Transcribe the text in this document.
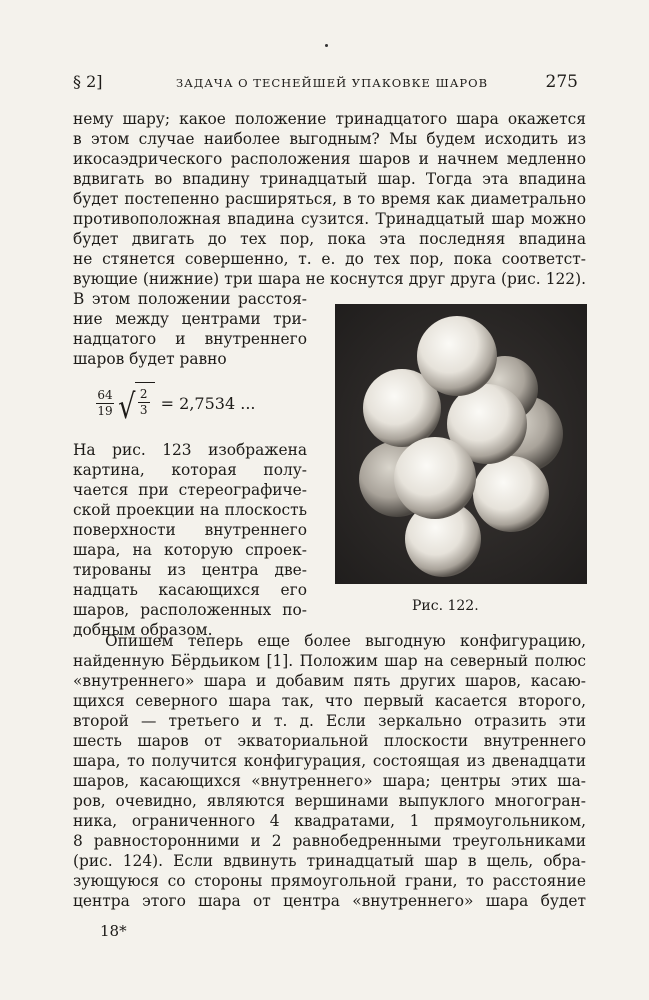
§ 2]	ЗАДАЧА О ТЕСНЕЙШЕЙ УПАКОВКЕ ШАРОВ	275
нему шару; какое положение тринадцатого шара окажется
в этом случае наиболее выгодным? Мы будем исходить из
икосаэдрического расположения шаров и начнем медленно
вдвигать во впадину тринадцатый шар. Тогда эта впадина
будет постепенно расширяться, в то время как диаметрально
противоположная впадина сузится. Тринадцатый шар можно
будет двигать до тех пор, пока эта последняя впадина
не стянется совершенно, т. е. до тех пор, пока соответст-
вующие (нижние) три шара не коснутся друг друга (рис. 122).
В этом положении расстоя-
ние между центрами три-
надцатого и внутреннего
шаров будет равно
$\frac{64}{19}$ √ $\frac{2}{3} = 2,7534$ ...
На рис. 123 изображена
картина, которая полу-
чается при стереографиче-
ской проекции на плоскость
поверхности внутреннего
шара, на которую спроек-
тированы из центра две-
надцать касающихся его
шаров, расположенных по-
добным образом.
Рис. 122.
Опишем теперь еще более выгодную конфигурацию,
найденную Бёрдьиком [1]. Положим шар на северный полюс
«внутреннего» шара и добавим пять других шаров, касаю-
щихся северного шара так, что первый касается второго,
второй — третьего и т. д. Если зеркально отразить эти
шесть шаров от экваториальной плоскости внутреннего
шара, то получится конфигурация, состоящая из двенадцати
шаров, касающихся «внутреннего» шара; центры этих ша-
ров, очевидно, являются вершинами выпуклого многогран-
ника, ограниченного 4 квадратами, 1 прямоугольником,
8 равносторонними и 2 равнобедренными треугольниками
(рис. 124). Если вдвинуть тринадцатый шар в щель, обра-
зующуюся со стороны прямоугольной грани, то расстояние
центра этого шара от центра «внутреннего» шара будет
18*
